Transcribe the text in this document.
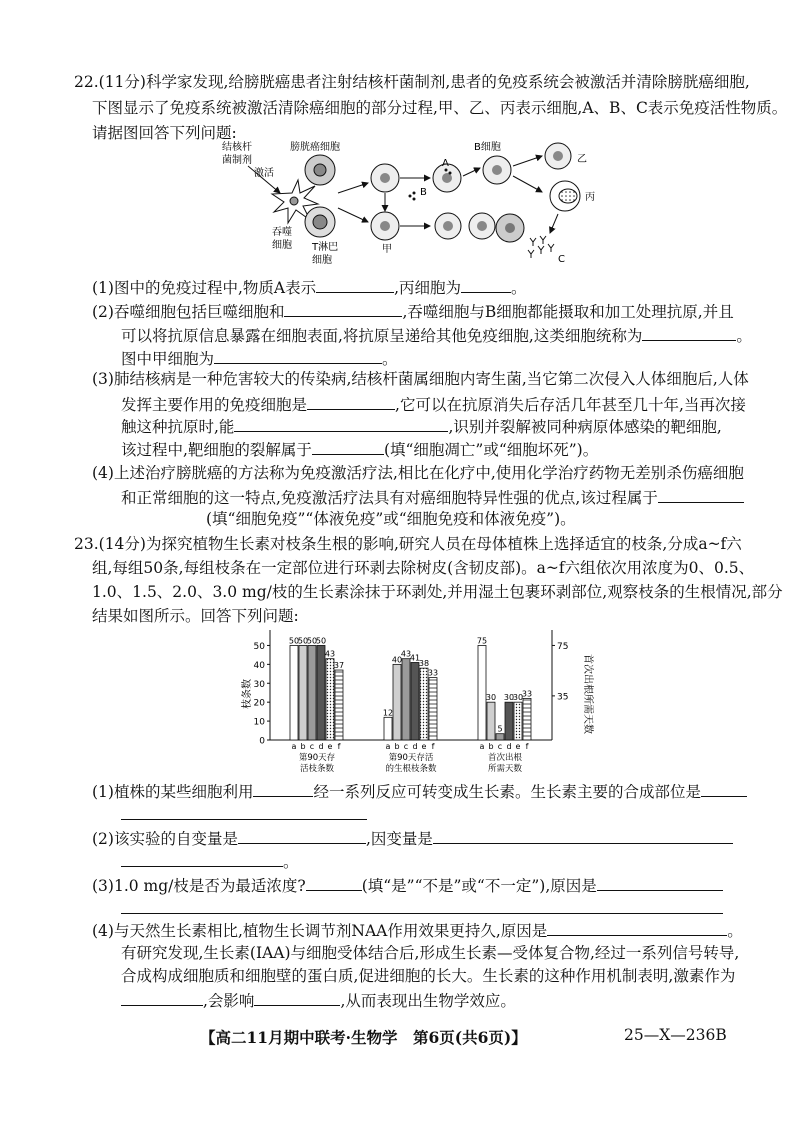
22.(11分)科学家发现,给膀胱癌患者注射结核杆菌制剂,患者的免疫系统会被激活并清除膀胱癌细胞,
下图显示了免疫系统被激活清除癌细胞的部分过程,甲、乙、丙表示细胞,A、B、C表示免疫活性物质。
请据图回答下列问题:
结核杆
菌制剂
激活
膀胱癌细胞
吞噬
细胞 T淋巴
细胞
甲
B
A
B细胞
乙
丙
C
(1)图中的免疫过程中,物质A表示	,丙细胞为	。
(2)吞噬细胞包括巨噬细胞和	,吞噬细胞与B细胞都能摄取和加工处理抗原,并且
可以将抗原信息暴露在细胞表面,将抗原呈递给其他免疫细胞,这类细胞统称为	。
图中甲细胞为	。
(3)肺结核病是一种危害较大的传染病,结核杆菌属细胞内寄生菌,当它第二次侵入人体细胞后,人体
发挥主要作用的免疫细胞是	,它可以在抗原消失后存活几年甚至几十年,当再次接
触这种抗原时,能	,识别并裂解被同种病原体感染的靶细胞,
该过程中,靶细胞的裂解属于	(填“细胞凋亡”或“细胞坏死”)。
(4)上述治疗膀胱癌的方法称为免疫激活疗法,相比在化疗中,使用化学治疗药物无差别杀伤癌细胞
和正常细胞的这一特点,免疫激活疗法具有对癌细胞特异性强的优点,该过程属于
(填“细胞免疫”“体液免疫”或“细胞免疫和体液免疫”)。
23.(14分)为探究植物生长素对枝条生根的影响,研究人员在母体植株上选择适宜的枝条,分成a~f六
组,每组50条,每组枝条在一定部位进行环剥去除树皮(含韧皮部)。a~f六组依次用浓度为0、0.5、
1.0、1.5、2.0、3.0 mg/枝的生长素涂抹于环剥处,并用湿土包裹环剥部位,观察枝条的生根情况,部分
结果如图所示。回答下列问题:
枝条数	首次出根所需天数
0
10
20
30
40
50
35
75
50
a
50
b
50
c
50
d
43
e
37
f
第90天存
活枝条数
12
a
40
b
43
c
41
d
38
e
33
f
第90天存活
的生根枝条数
75
a
30
b
5
c
30
d
30
e
33
f
首次出根
所需天数
(1)植株的某些细胞利用	经一系列反应可转变成生长素。生长素主要的合成部位是
(2)该实验的自变量是	,因变量是
。
(3)1.0 mg/枝是否为最适浓度?	(填“是”“不是”或“不一定”),原因是
(4)与天然生长素相比,植物生长调节剂NAA作用效果更持久,原因是	。
有研究发现,生长素(IAA)与细胞受体结合后,形成生长素—受体复合物,经过一系列信号转导,
合成构成细胞质和细胞壁的蛋白质,促进细胞的长大。生长素的这种作用机制表明,激素作为
,会影响	,从而表现出生物学效应。
【高二11月期中联考·生物学　第6页(共6页)】	25—X—236B
